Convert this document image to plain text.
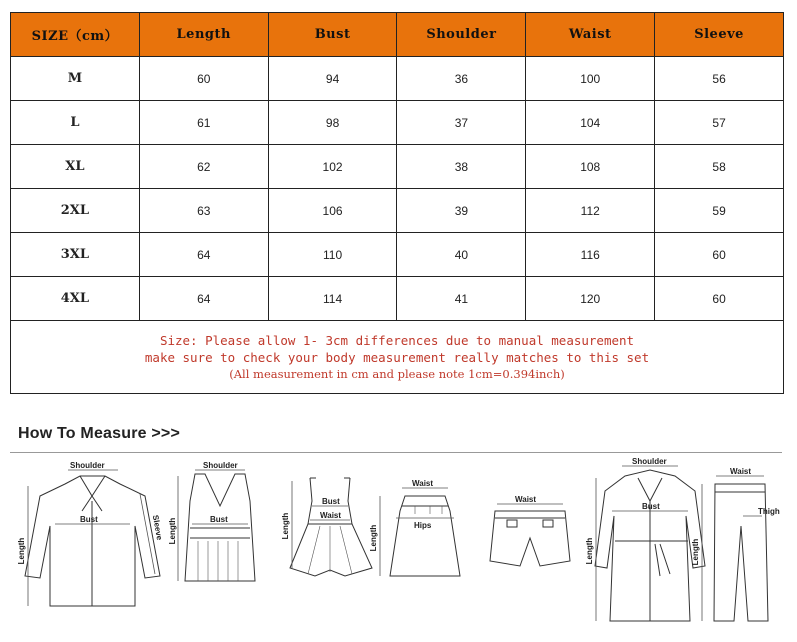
SIZE（cm）	Length	Bust	Shoulder	Waist	Sleeve
M	60	94	36	100	56
L	61	98	37	104	57
XL	62	102	38	108	58
2XL	63	106	39	112	59
3XL	64	110	40	116	60
4XL	64	114	41	120	60

Size: Please allow 1- 3cm differences due to manual measurement
make sure to check your body measurement really matches to this set
(All measurement in cm and please note 1cm=0.394inch)					
How To Measure >>>
Shoulder
Bust
Length
Sleeve
Shoulder
Bust
Length
Bust
Waist
Length
Waist
Hips
Length
Waist
Shoulder
Bust
Length
Waist
Thigh
Length
